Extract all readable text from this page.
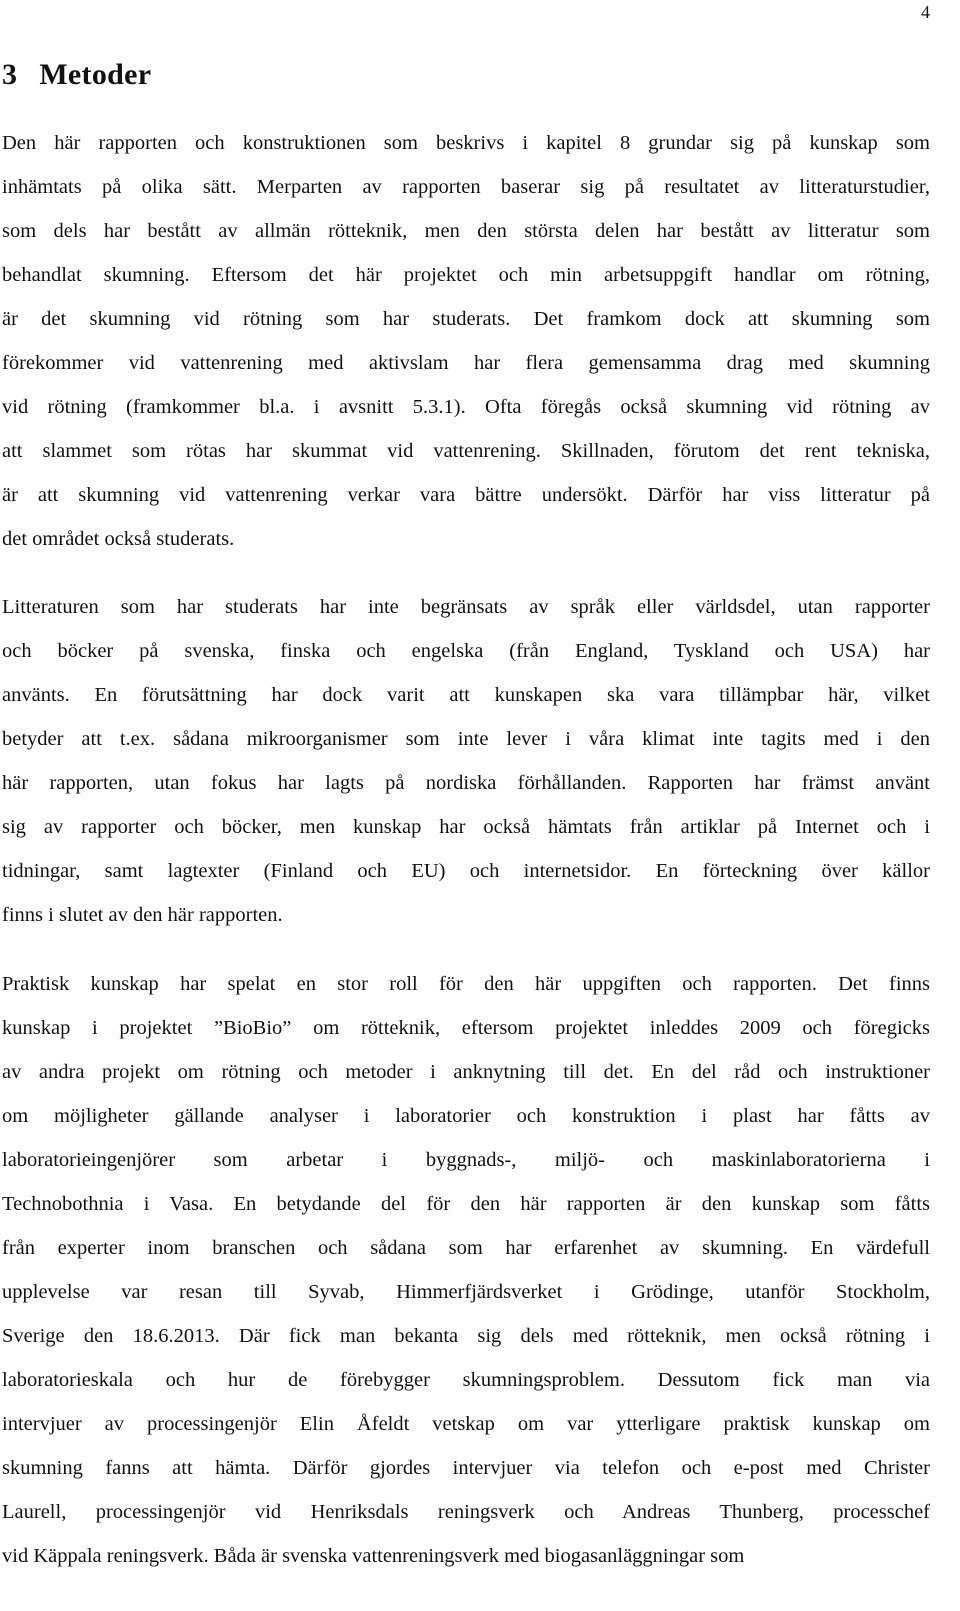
4
3 Metoder
Den här rapporten och konstruktionen som beskrivs i kapitel 8 grundar sig på kunskap som
inhämtats på olika sätt. Merparten av rapporten baserar sig på resultatet av litteraturstudier,
som dels har bestått av allmän rötteknik, men den största delen har bestått av litteratur som
behandlat skumning. Eftersom det här projektet och min arbetsuppgift handlar om rötning,
är det skumning vid rötning som har studerats. Det framkom dock att skumning som
förekommer vid vattenrening med aktivslam har flera gemensamma drag med skumning
vid rötning (framkommer bl.a. i avsnitt 5.3.1). Ofta föregås också skumning vid rötning av
att slammet som rötas har skummat vid vattenrening. Skillnaden, förutom det rent tekniska,
är att skumning vid vattenrening verkar vara bättre undersökt. Därför har viss litteratur på
det området också studerats.
Litteraturen som har studerats har inte begränsats av språk eller världsdel, utan rapporter
och böcker på svenska, finska och engelska (från England, Tyskland och USA) har
använts. En förutsättning har dock varit att kunskapen ska vara tillämpbar här, vilket
betyder att t.ex. sådana mikroorganismer som inte lever i våra klimat inte tagits med i den
här rapporten, utan fokus har lagts på nordiska förhållanden. Rapporten har främst använt
sig av rapporter och böcker, men kunskap har också hämtats från artiklar på Internet och i
tidningar, samt lagtexter (Finland och EU) och internetsidor. En förteckning över källor
finns i slutet av den här rapporten.
Praktisk kunskap har spelat en stor roll för den här uppgiften och rapporten. Det finns
kunskap i projektet ”BioBio” om rötteknik, eftersom projektet inleddes 2009 och föregicks
av andra projekt om rötning och metoder i anknytning till det. En del råd och instruktioner
om möjligheter gällande analyser i laboratorier och konstruktion i plast har fåtts av
laboratorieingenjörer som arbetar i byggnads-, miljö- och maskinlaboratorierna i
Technobothnia i Vasa. En betydande del för den här rapporten är den kunskap som fåtts
från experter inom branschen och sådana som har erfarenhet av skumning. En värdefull
upplevelse var resan till Syvab, Himmerfjärdsverket i Grödinge, utanför Stockholm,
Sverige den 18.6.2013. Där fick man bekanta sig dels med rötteknik, men också rötning i
laboratorieskala och hur de förebygger skumningsproblem. Dessutom fick man via
intervjuer av processingenjör Elin Åfeldt vetskap om var ytterligare praktisk kunskap om
skumning fanns att hämta. Därför gjordes intervjuer via telefon och e-post med Christer
Laurell, processingenjör vid Henriksdals reningsverk och Andreas Thunberg, processchef
vid Käppala reningsverk. Båda är svenska vattenreningsverk med biogasanläggningar som
